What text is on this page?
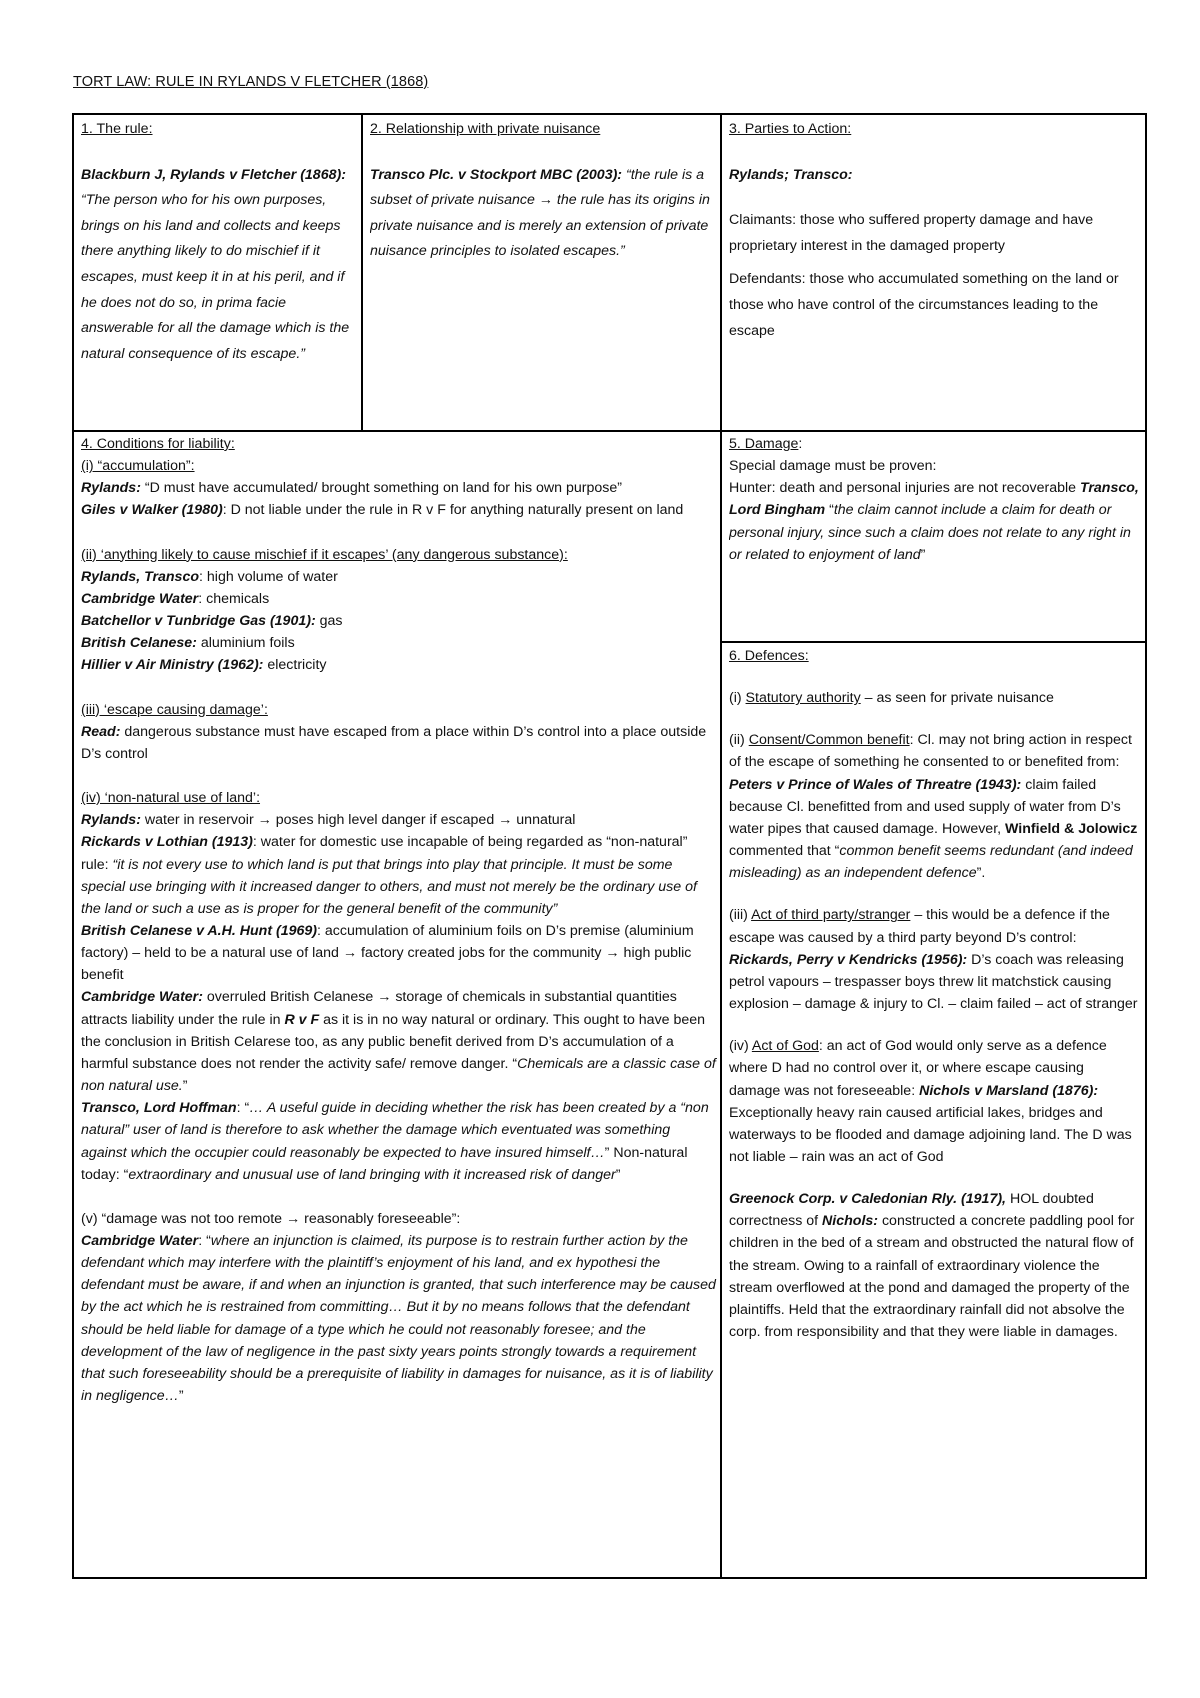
TORT LAW: RULE IN RYLANDS V FLETCHER (1868)

1. The rule:

Blackburn J, Rylands v Fletcher (1868): “The person who for his own purposes, brings on his land and collects and keeps there anything likely to do mischief if it escapes, must keep it in at his peril, and if he does not do so, in prima facie answerable for all the damage which is the natural consequence of its escape.”

2. Relationship with private nuisance

Transco Plc. v Stockport MBC (2003): “the rule is a subset of private nuisance → the rule has its origins in private nuisance and is merely an extension of private nuisance principles to isolated escapes.”

3. Parties to Action:

Rylands; Transco:

Claimants: those who suffered property damage and have proprietary interest in the damaged property

Defendants: those who accumulated something on the land or those who have control of the circumstances leading to the escape

4. Conditions for liability:

(i) “accumulation”:

Rylands: “D must have accumulated/ brought something on land for his own purpose”

Giles v Walker (1980): D not liable under the rule in R v F for anything naturally present on land

(ii) ‘anything likely to cause mischief if it escapes’ (any dangerous substance):

Rylands, Transco: high volume of water

Cambridge Water: chemicals

Batchellor v Tunbridge Gas (1901): gas

British Celanese: aluminium foils

Hillier v Air Ministry (1962): electricity

(iii) ‘escape causing damage’:

Read: dangerous substance must have escaped from a place within D’s control into a place outside D’s control

(iv) ‘non-natural use of land’:

Rylands: water in reservoir → poses high level danger if escaped → unnatural

Rickards v Lothian (1913): water for domestic use incapable of being regarded as “non-natural” rule: “it is not every use to which land is put that brings into play that principle. It must be some special use bringing with it increased danger to others, and must not merely be the ordinary use of the land or such a use as is proper for the general benefit of the community”

British Celanese v A.H. Hunt (1969): accumulation of aluminium foils on D’s premise (aluminium factory) – held to be a natural use of land → factory created jobs for the community → high public benefit

Cambridge Water: overruled British Celanese → storage of chemicals in substantial quantities attracts liability under the rule in R v F as it is in no way natural or ordinary. This ought to have been the conclusion in British Celarese too, as any public benefit derived from D’s accumulation of a harmful substance does not render the activity safe/ remove danger. “Chemicals are a classic case of non natural use.”

Transco, Lord Hoffman: “… A useful guide in deciding whether the risk has been created by a “non natural” user of land is therefore to ask whether the damage which eventuated was something against which the occupier could reasonably be expected to have insured himself…” Non-natural today: “extraordinary and unusual use of land bringing with it increased risk of danger”

(v) “damage was not too remote → reasonably foreseeable”:

Cambridge Water: “where an injunction is claimed, its purpose is to restrain further action by the defendant which may interfere with the plaintiff’s enjoyment of his land, and ex hypothesi the defendant must be aware, if and when an injunction is granted, that such interference may be caused by the act which he is restrained from committing… But it by no means follows that the defendant should be held liable for damage of a type which he could not reasonably foresee; and the development of the law of negligence in the past sixty years points strongly towards a requirement that such foreseeability should be a prerequisite of liability in damages for nuisance, as it is of liability in negligence…”

5. Damage:

Special damage must be proven:

Hunter: death and personal injuries are not recoverable Transco, Lord Bingham “the claim cannot include a claim for death or personal injury, since such a claim does not relate to any right in or related to enjoyment of land”

6. Defences:

(i) Statutory authority – as seen for private nuisance

(ii) Consent/Common benefit: Cl. may not bring action in respect of the escape of something he consented to or benefited from:

Peters v Prince of Wales of Threatre (1943): claim failed because Cl. benefitted from and used supply of water from D’s water pipes that caused damage. However, Winfield & Jolowicz commented that “common benefit seems redundant (and indeed misleading) as an independent defence”.

(iii) Act of third party/stranger – this would be a defence if the escape was caused by a third party beyond D’s control: Rickards, Perry v Kendricks (1956): D’s coach was releasing petrol vapours – trespasser boys threw lit matchstick causing explosion – damage & injury to Cl. – claim failed – act of stranger

(iv) Act of God: an act of God would only serve as a defence where D had no control over it, or where escape causing damage was not foreseeable: Nichols v Marsland (1876): Exceptionally heavy rain caused artificial lakes, bridges and waterways to be flooded and damage adjoining land. The D was not liable – rain was an act of God

Greenock Corp. v Caledonian Rly. (1917), HOL doubted correctness of Nichols: constructed a concrete paddling pool for children in the bed of a stream and obstructed the natural flow of the stream. Owing to a rainfall of extraordinary violence the stream overflowed at the pond and damaged the property of the plaintiffs. Held that the extraordinary rainfall did not absolve the corp. from responsibility and that they were liable in damages.
